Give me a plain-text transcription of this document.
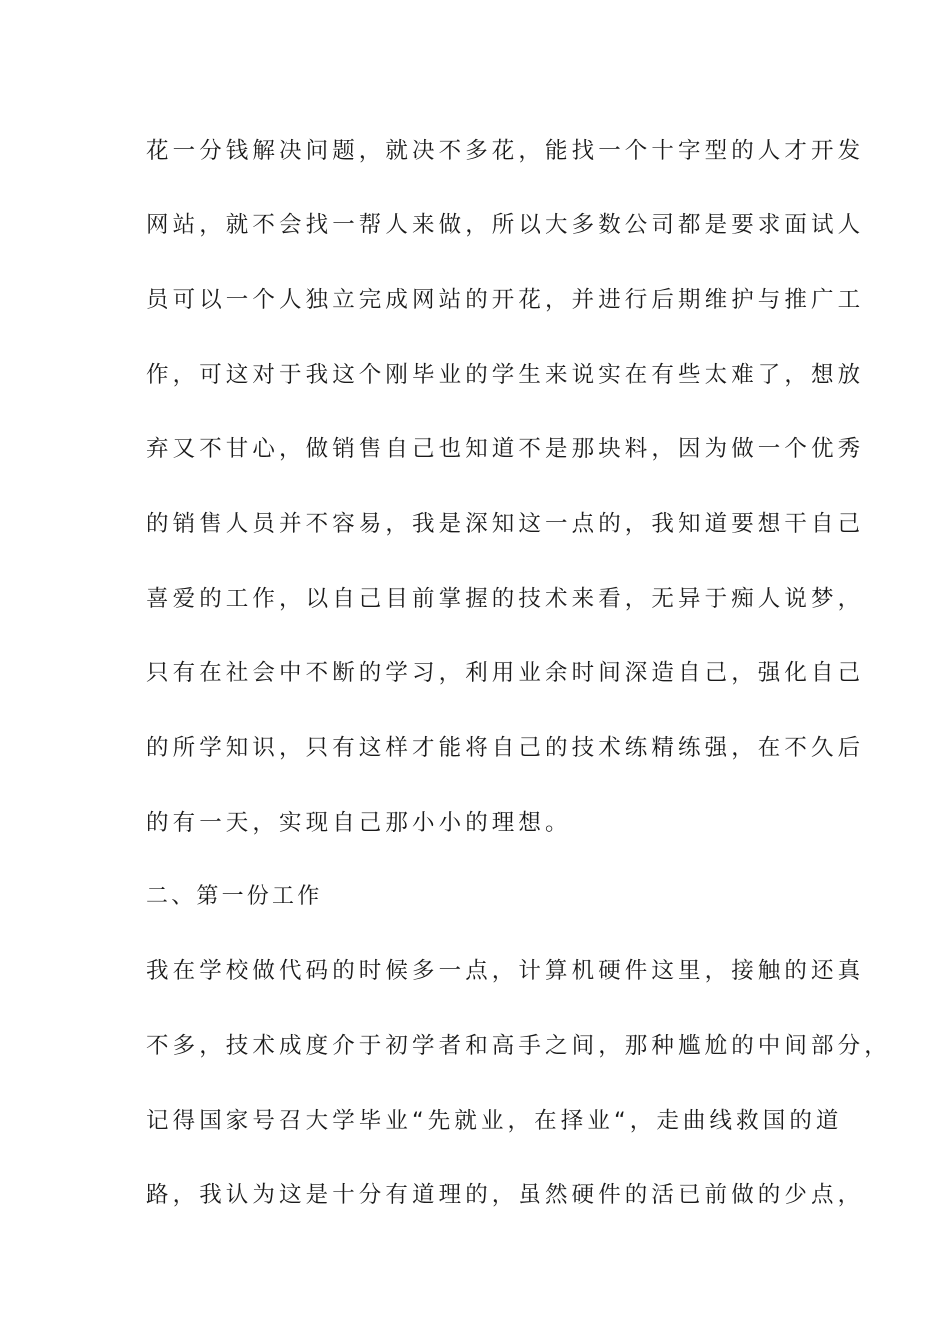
花一分钱解决问题，就决不多花，能找一个十字型的人才开发
网站，就不会找一帮人来做，所以大多数公司都是要求面试人
员可以一个人独立完成网站的开花，并进行后期维护与推广工
作，可这对于我这个刚毕业的学生来说实在有些太难了，想放
弃又不甘心，做销售自己也知道不是那块料，因为做一个优秀
的销售人员并不容易，我是深知这一点的，我知道要想干自己
喜爱的工作，以自己目前掌握的技术来看，无异于痴人说梦，
只有在社会中不断的学习，利用业余时间深造自己，强化自己
的所学知识，只有这样才能将自己的技术练精练强，在不久后
的有一天，实现自己那小小的理想。
二、第一份工作
我在学校做代码的时候多一点，计算机硬件这里，接触的还真
不多，技术成度介于初学者和高手之间，那种尴尬的中间部分，
记得国家号召大学毕业“先就业，在择业“，走曲线救国的道
路，我认为这是十分有道理的，虽然硬件的活已前做的少点，
